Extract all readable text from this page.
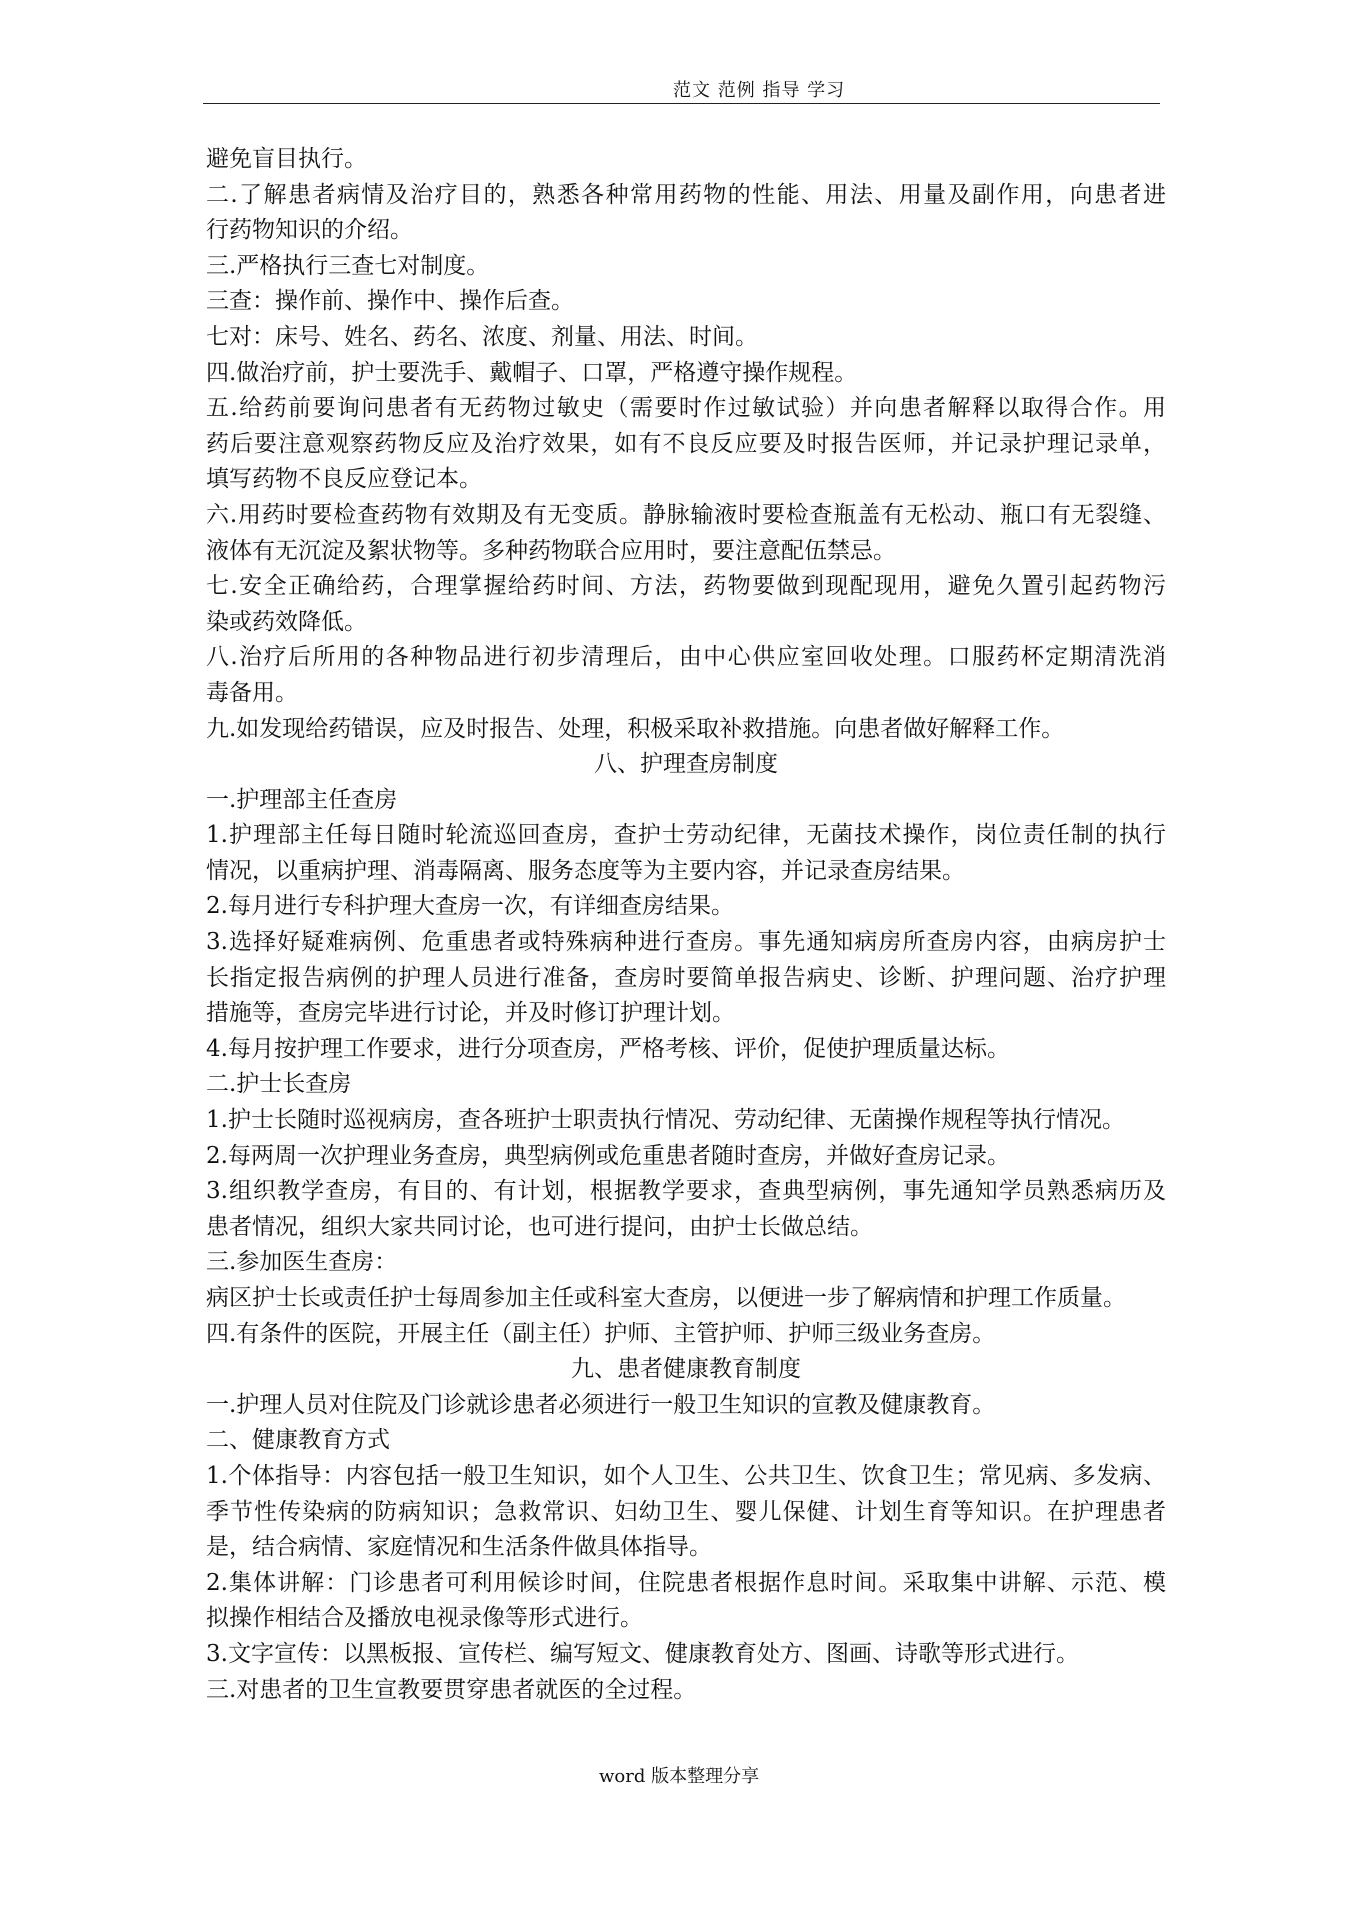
范文 范例 指导 学习
避免盲目执行。
二.了解患者病情及治疗目的，熟悉各种常用药物的性能、用法、用量及副作用，向患者进
行药物知识的介绍。
三.严格执行三查七对制度。
三查：操作前、操作中、操作后查。
七对：床号、姓名、药名、浓度、剂量、用法、时间。
四.做治疗前，护士要洗手、戴帽子、口罩，严格遵守操作规程。
五.给药前要询问患者有无药物过敏史（需要时作过敏试验）并向患者解释以取得合作。用
药后要注意观察药物反应及治疗效果，如有不良反应要及时报告医师，并记录护理记录单，
填写药物不良反应登记本。
六.用药时要检查药物有效期及有无变质。静脉输液时要检查瓶盖有无松动、瓶口有无裂缝、
液体有无沉淀及絮状物等。多种药物联合应用时，要注意配伍禁忌。
七.安全正确给药，合理掌握给药时间、方法，药物要做到现配现用，避免久置引起药物污
染或药效降低。
八.治疗后所用的各种物品进行初步清理后，由中心供应室回收处理。口服药杯定期清洗消
毒备用。
九.如发现给药错误，应及时报告、处理，积极采取补救措施。向患者做好解释工作。
八、护理查房制度
一.护理部主任查房
1.护理部主任每日随时轮流巡回查房，查护士劳动纪律，无菌技术操作，岗位责任制的执行
情况，以重病护理、消毒隔离、服务态度等为主要内容，并记录查房结果。
2.每月进行专科护理大查房一次，有详细查房结果。
3.选择好疑难病例、危重患者或特殊病种进行查房。事先通知病房所查房内容，由病房护士
长指定报告病例的护理人员进行准备，查房时要简单报告病史、诊断、护理问题、治疗护理
措施等，查房完毕进行讨论，并及时修订护理计划。
4.每月按护理工作要求，进行分项查房，严格考核、评价，促使护理质量达标。
二.护士长查房
1.护士长随时巡视病房，查各班护士职责执行情况、劳动纪律、无菌操作规程等执行情况。
2.每两周一次护理业务查房，典型病例或危重患者随时查房，并做好查房记录。
3.组织教学查房，有目的、有计划，根据教学要求，查典型病例，事先通知学员熟悉病历及
患者情况，组织大家共同讨论，也可进行提问，由护士长做总结。
三.参加医生查房：
病区护士长或责任护士每周参加主任或科室大查房，以便进一步了解病情和护理工作质量。
四.有条件的医院，开展主任（副主任）护师、主管护师、护师三级业务查房。
九、患者健康教育制度
一.护理人员对住院及门诊就诊患者必须进行一般卫生知识的宣教及健康教育。
二、健康教育方式
1.个体指导：内容包括一般卫生知识，如个人卫生、公共卫生、饮食卫生；常见病、多发病、
季节性传染病的防病知识；急救常识、妇幼卫生、婴儿保健、计划生育等知识。在护理患者
是，结合病情、家庭情况和生活条件做具体指导。
2.集体讲解：门诊患者可利用候诊时间，住院患者根据作息时间。采取集中讲解、示范、模
拟操作相结合及播放电视录像等形式进行。
3.文字宣传：以黑板报、宣传栏、编写短文、健康教育处方、图画、诗歌等形式进行。
三.对患者的卫生宣教要贯穿患者就医的全过程。
word 版本整理分享
